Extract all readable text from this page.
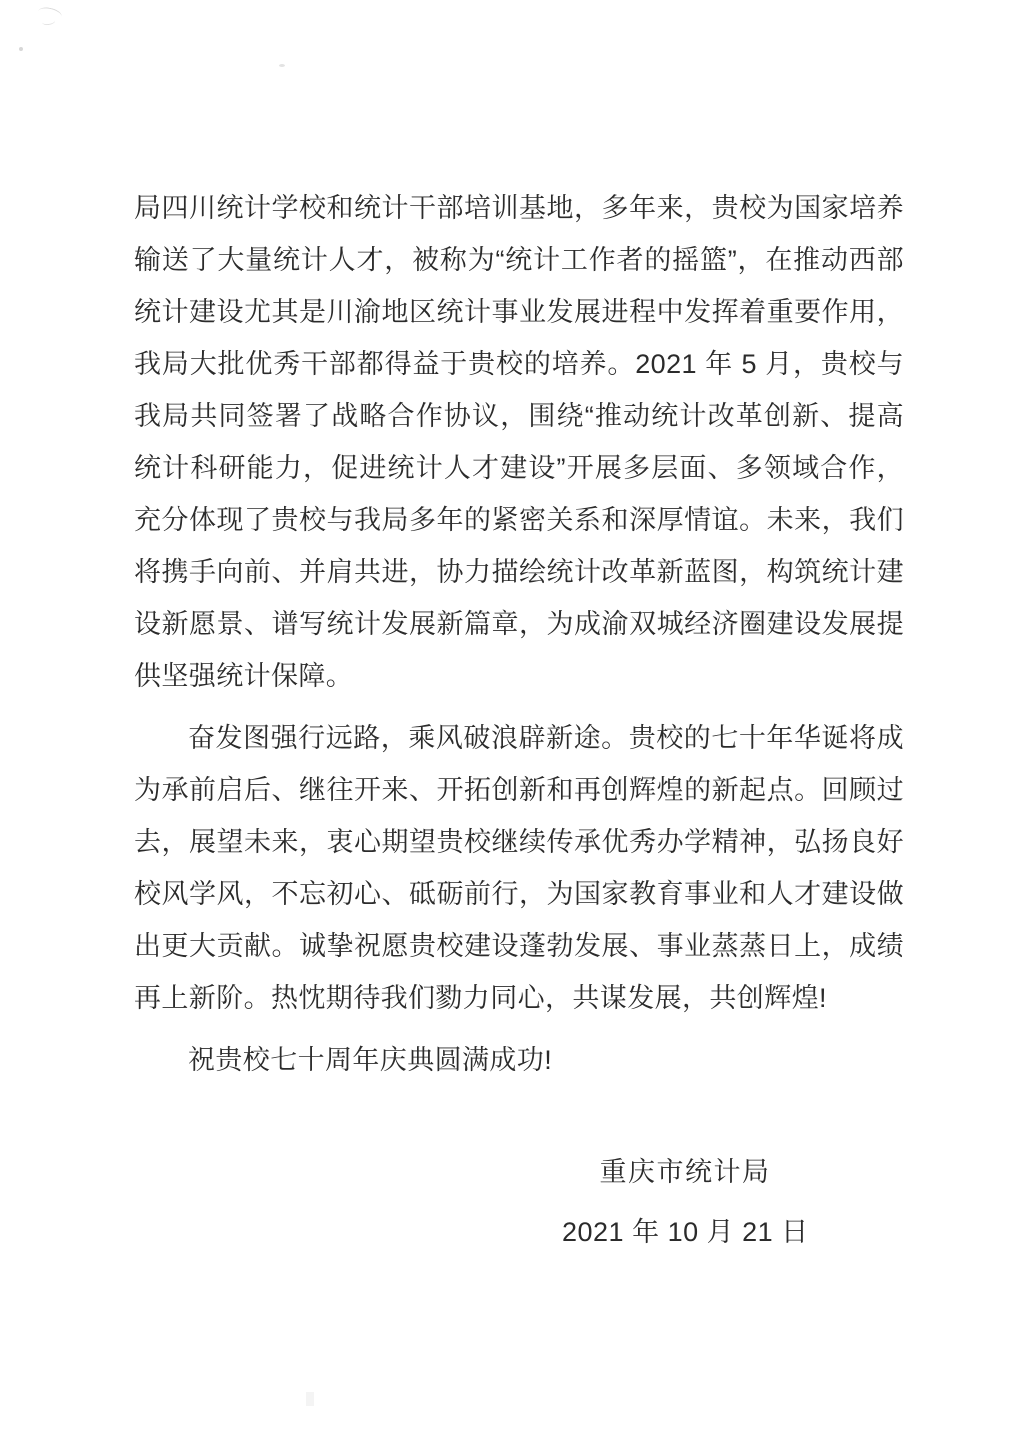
局四川统计学校和统计干部培训基地，多年来，贵校为国家培养输送了大量统计人才，被称为“统计工作者的摇篮”，在推动西部统计建设尤其是川渝地区统计事业发展进程中发挥着重要作用，我局大批优秀干部都得益于贵校的培养。2021 年 5 月，贵校与我局共同签署了战略合作协议，围绕“推动统计改革创新、提高统计科研能力，促进统计人才建设”开展多层面、多领域合作，充分体现了贵校与我局多年的紧密关系和深厚情谊。未来，我们将携手向前、并肩共进，协力描绘统计改革新蓝图，构筑统计建设新愿景、谱写统计发展新篇章，为成渝双城经济圈建设发展提供坚强统计保障。

奋发图强行远路，乘风破浪辟新途。贵校的七十年华诞将成为承前启后、继往开来、开拓创新和再创辉煌的新起点。回顾过去，展望未来，衷心期望贵校继续传承优秀办学精神，弘扬良好校风学风，不忘初心、砥砺前行，为国家教育事业和人才建设做出更大贡献。诚挚祝愿贵校建设蓬勃发展、事业蒸蒸日上，成绩再上新阶。热忱期待我们勠力同心，共谋发展，共创辉煌!

祝贵校七十周年庆典圆满成功!

重庆市统计局
2021 年 10 月 21 日
